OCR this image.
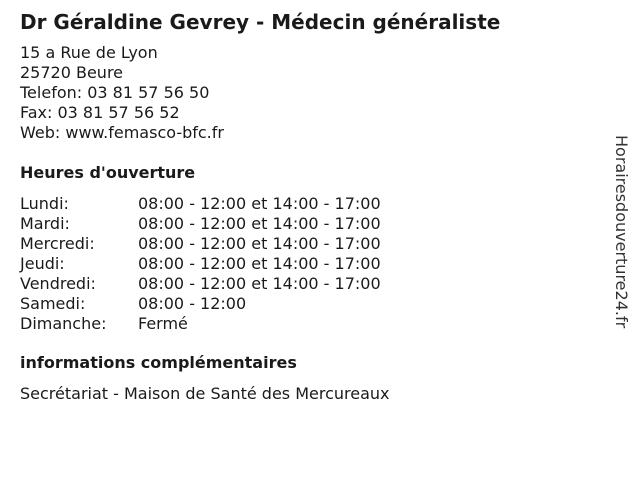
Dr Géraldine Gevrey - Médecin généraliste
15 a Rue de Lyon
25720 Beure
Telefon: 03 81 57 56 50
Fax: 03 81 57 56 52
Web: www.femasco-bfc.fr
Heures d'ouverture
Lundi:	08:00 - 12:00 et 14:00 - 17:00
Mardi:	08:00 - 12:00 et 14:00 - 17:00
Mercredi:	08:00 - 12:00 et 14:00 - 17:00
Jeudi:	08:00 - 12:00 et 14:00 - 17:00
Vendredi:	08:00 - 12:00 et 14:00 - 17:00
Samedi:	08:00 - 12:00
Dimanche:	Fermé
informations complémentaires
Secrétariat - Maison de Santé des Mercureaux
Horairesdouverture24.fr
